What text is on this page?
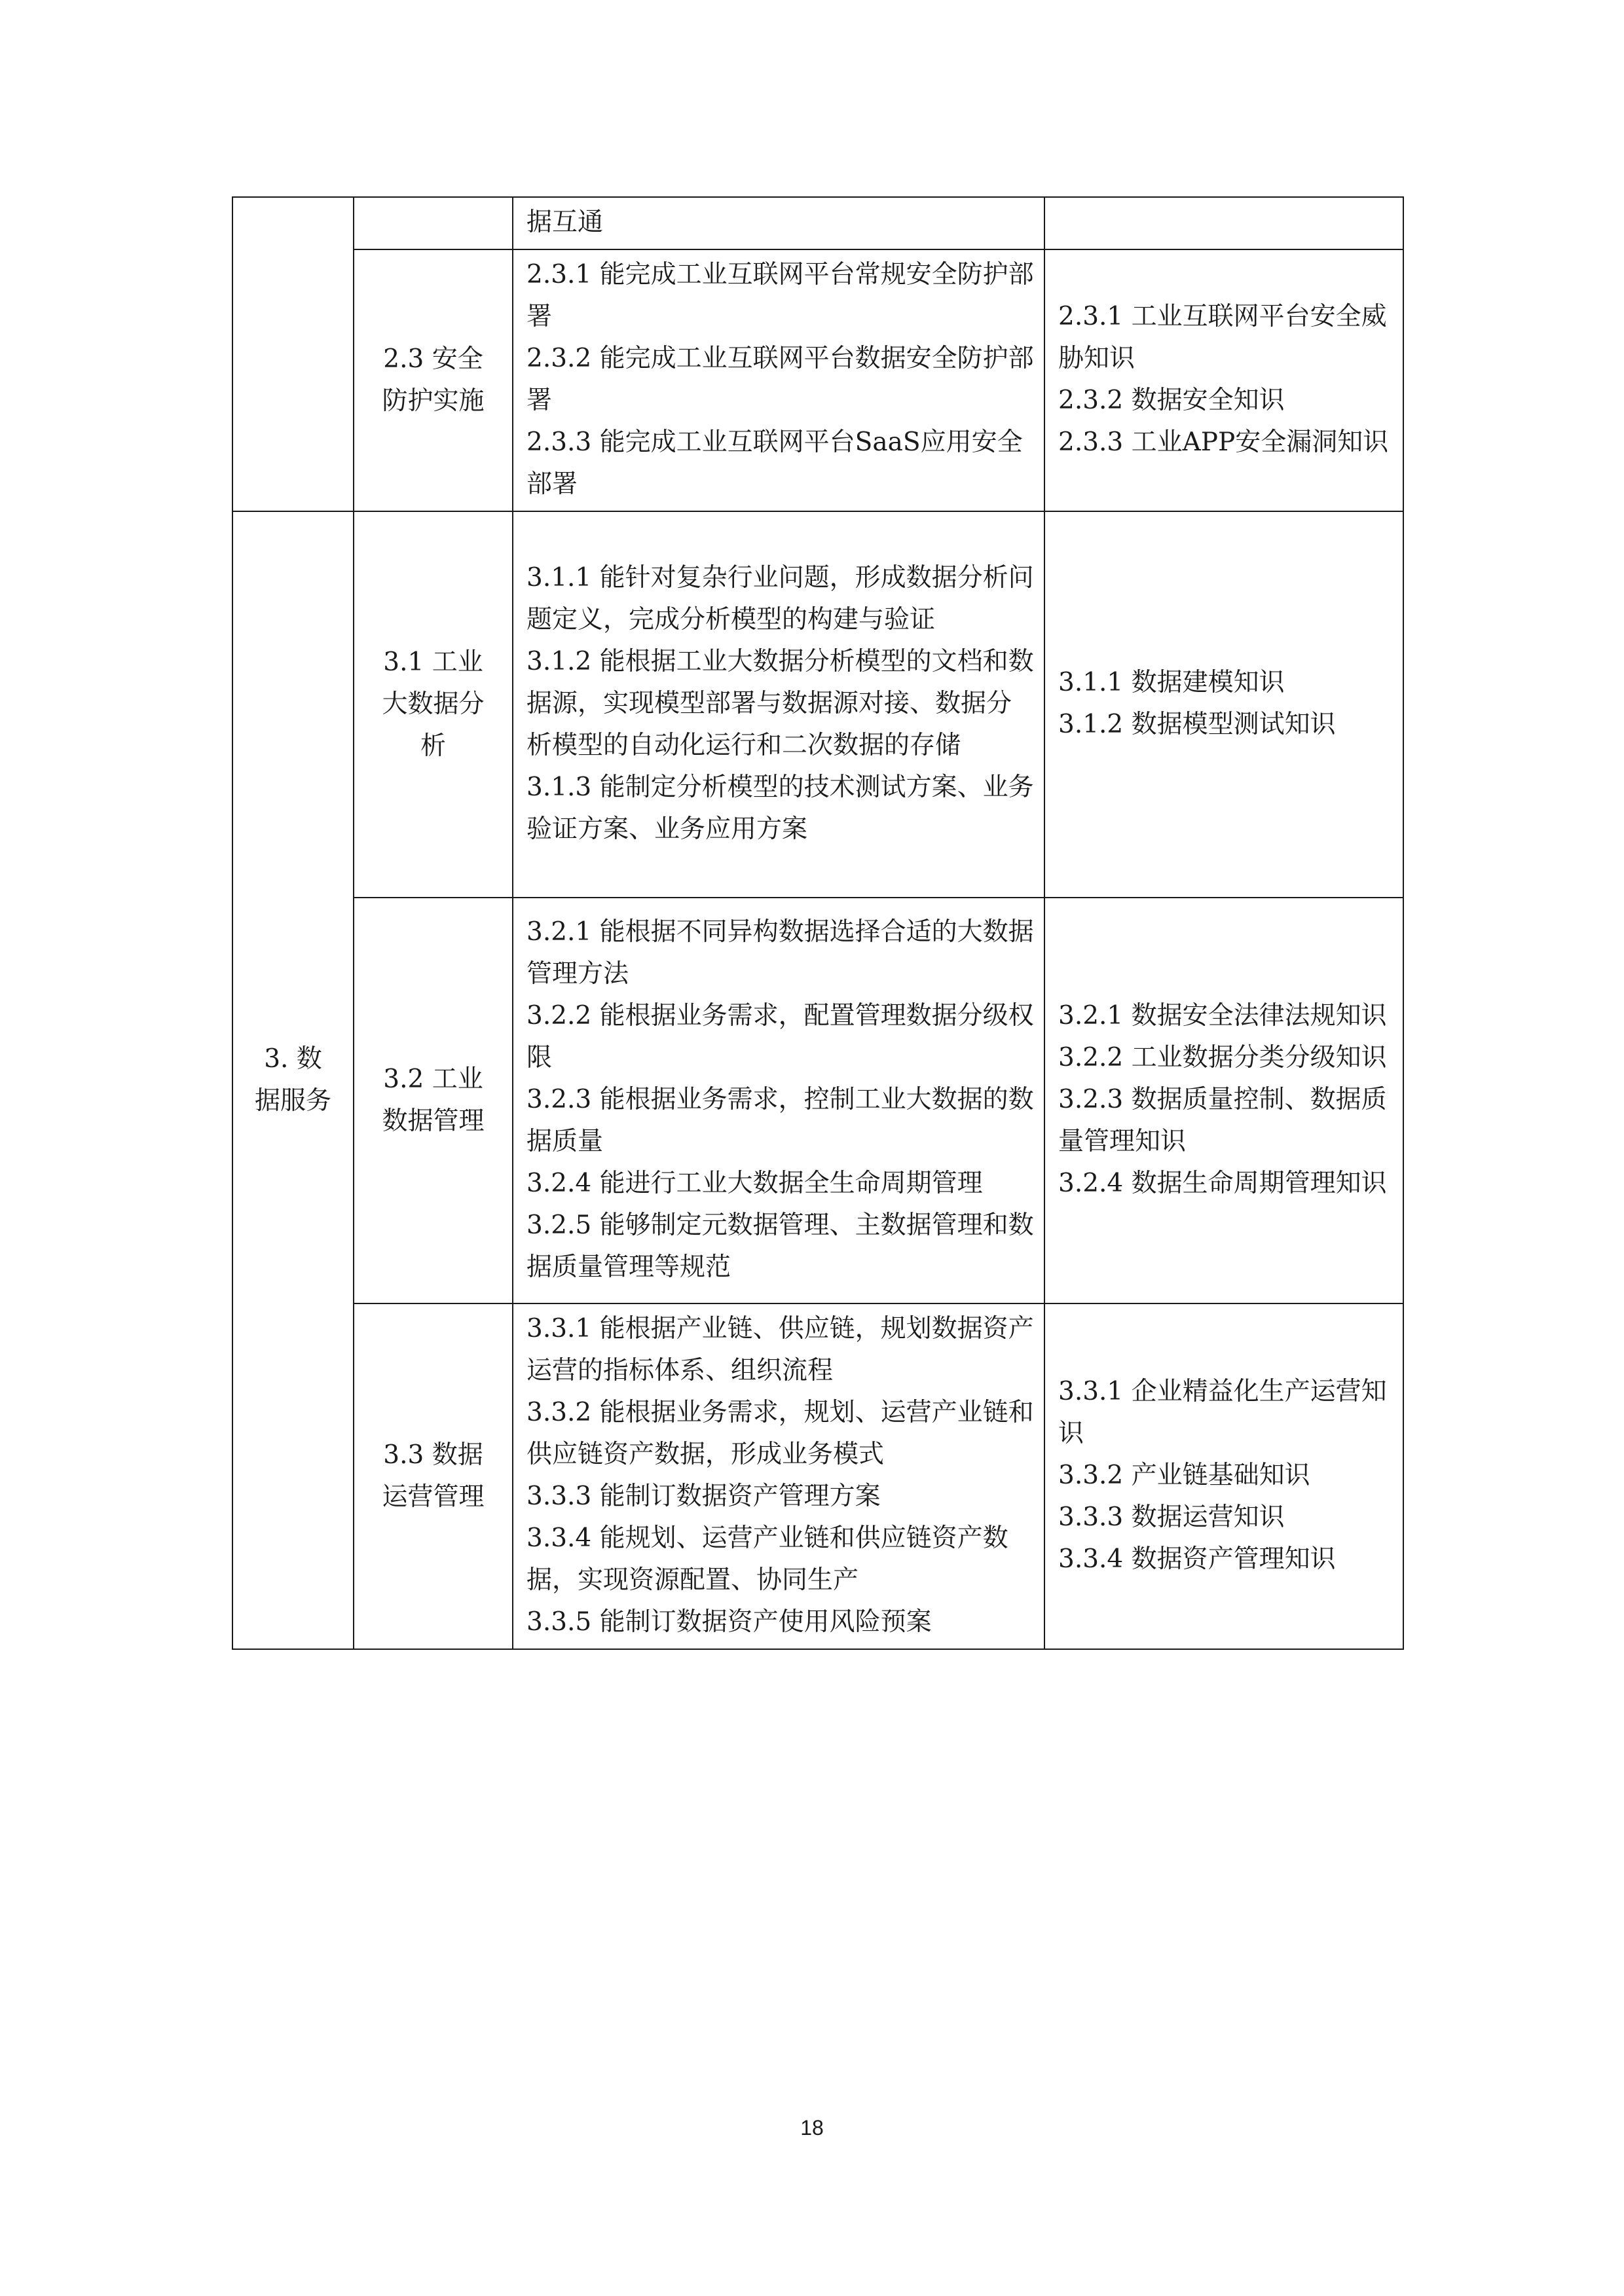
		据互通	

	2.3 安全防护实施	2.3.1 能完成工业互联网平台常规安全防护部署
2.3.2 能完成工业互联网平台数据安全防护部署
2.3.3 能完成工业互联网平台SaaS应用安全部署	2.3.1 工业互联网平台安全威胁知识
2.3.2 数据安全知识
2.3.3 工业APP安全漏洞知识

3. 数据服务	3.1 工业大数据分析	3.1.1 能针对复杂行业问题，形成数据分析问题定义，完成分析模型的构建与验证
3.1.2 能根据工业大数据分析模型的文档和数据源，实现模型部署与数据源对接、数据分析模型的自动化运行和二次数据的存储
3.1.3 能制定分析模型的技术测试方案、业务验证方案、业务应用方案	3.1.1 数据建模知识
3.1.2 数据模型测试知识

	3.2 工业数据管理	3.2.1 能根据不同异构数据选择合适的大数据管理方法
3.2.2 能根据业务需求，配置管理数据分级权限
3.2.3 能根据业务需求，控制工业大数据的数据质量
3.2.4 能进行工业大数据全生命周期管理
3.2.5 能够制定元数据管理、主数据管理和数据质量管理等规范	3.2.1 数据安全法律法规知识
3.2.2 工业数据分类分级知识
3.2.3 数据质量控制、数据质量管理知识
3.2.4 数据生命周期管理知识

	3.3 数据运营管理	3.3.1 能根据产业链、供应链，规划数据资产运营的指标体系、组织流程
3.3.2 能根据业务需求，规划、运营产业链和供应链资产数据，形成业务模式
3.3.3 能制订数据资产管理方案
3.3.4 能规划、运营产业链和供应链资产数据，实现资源配置、协同生产
3.3.5 能制订数据资产使用风险预案	3.3.1 企业精益化生产运营知识
3.3.2 产业链基础知识
3.3.3 数据运营知识
3.3.4 数据资产管理知识
18
